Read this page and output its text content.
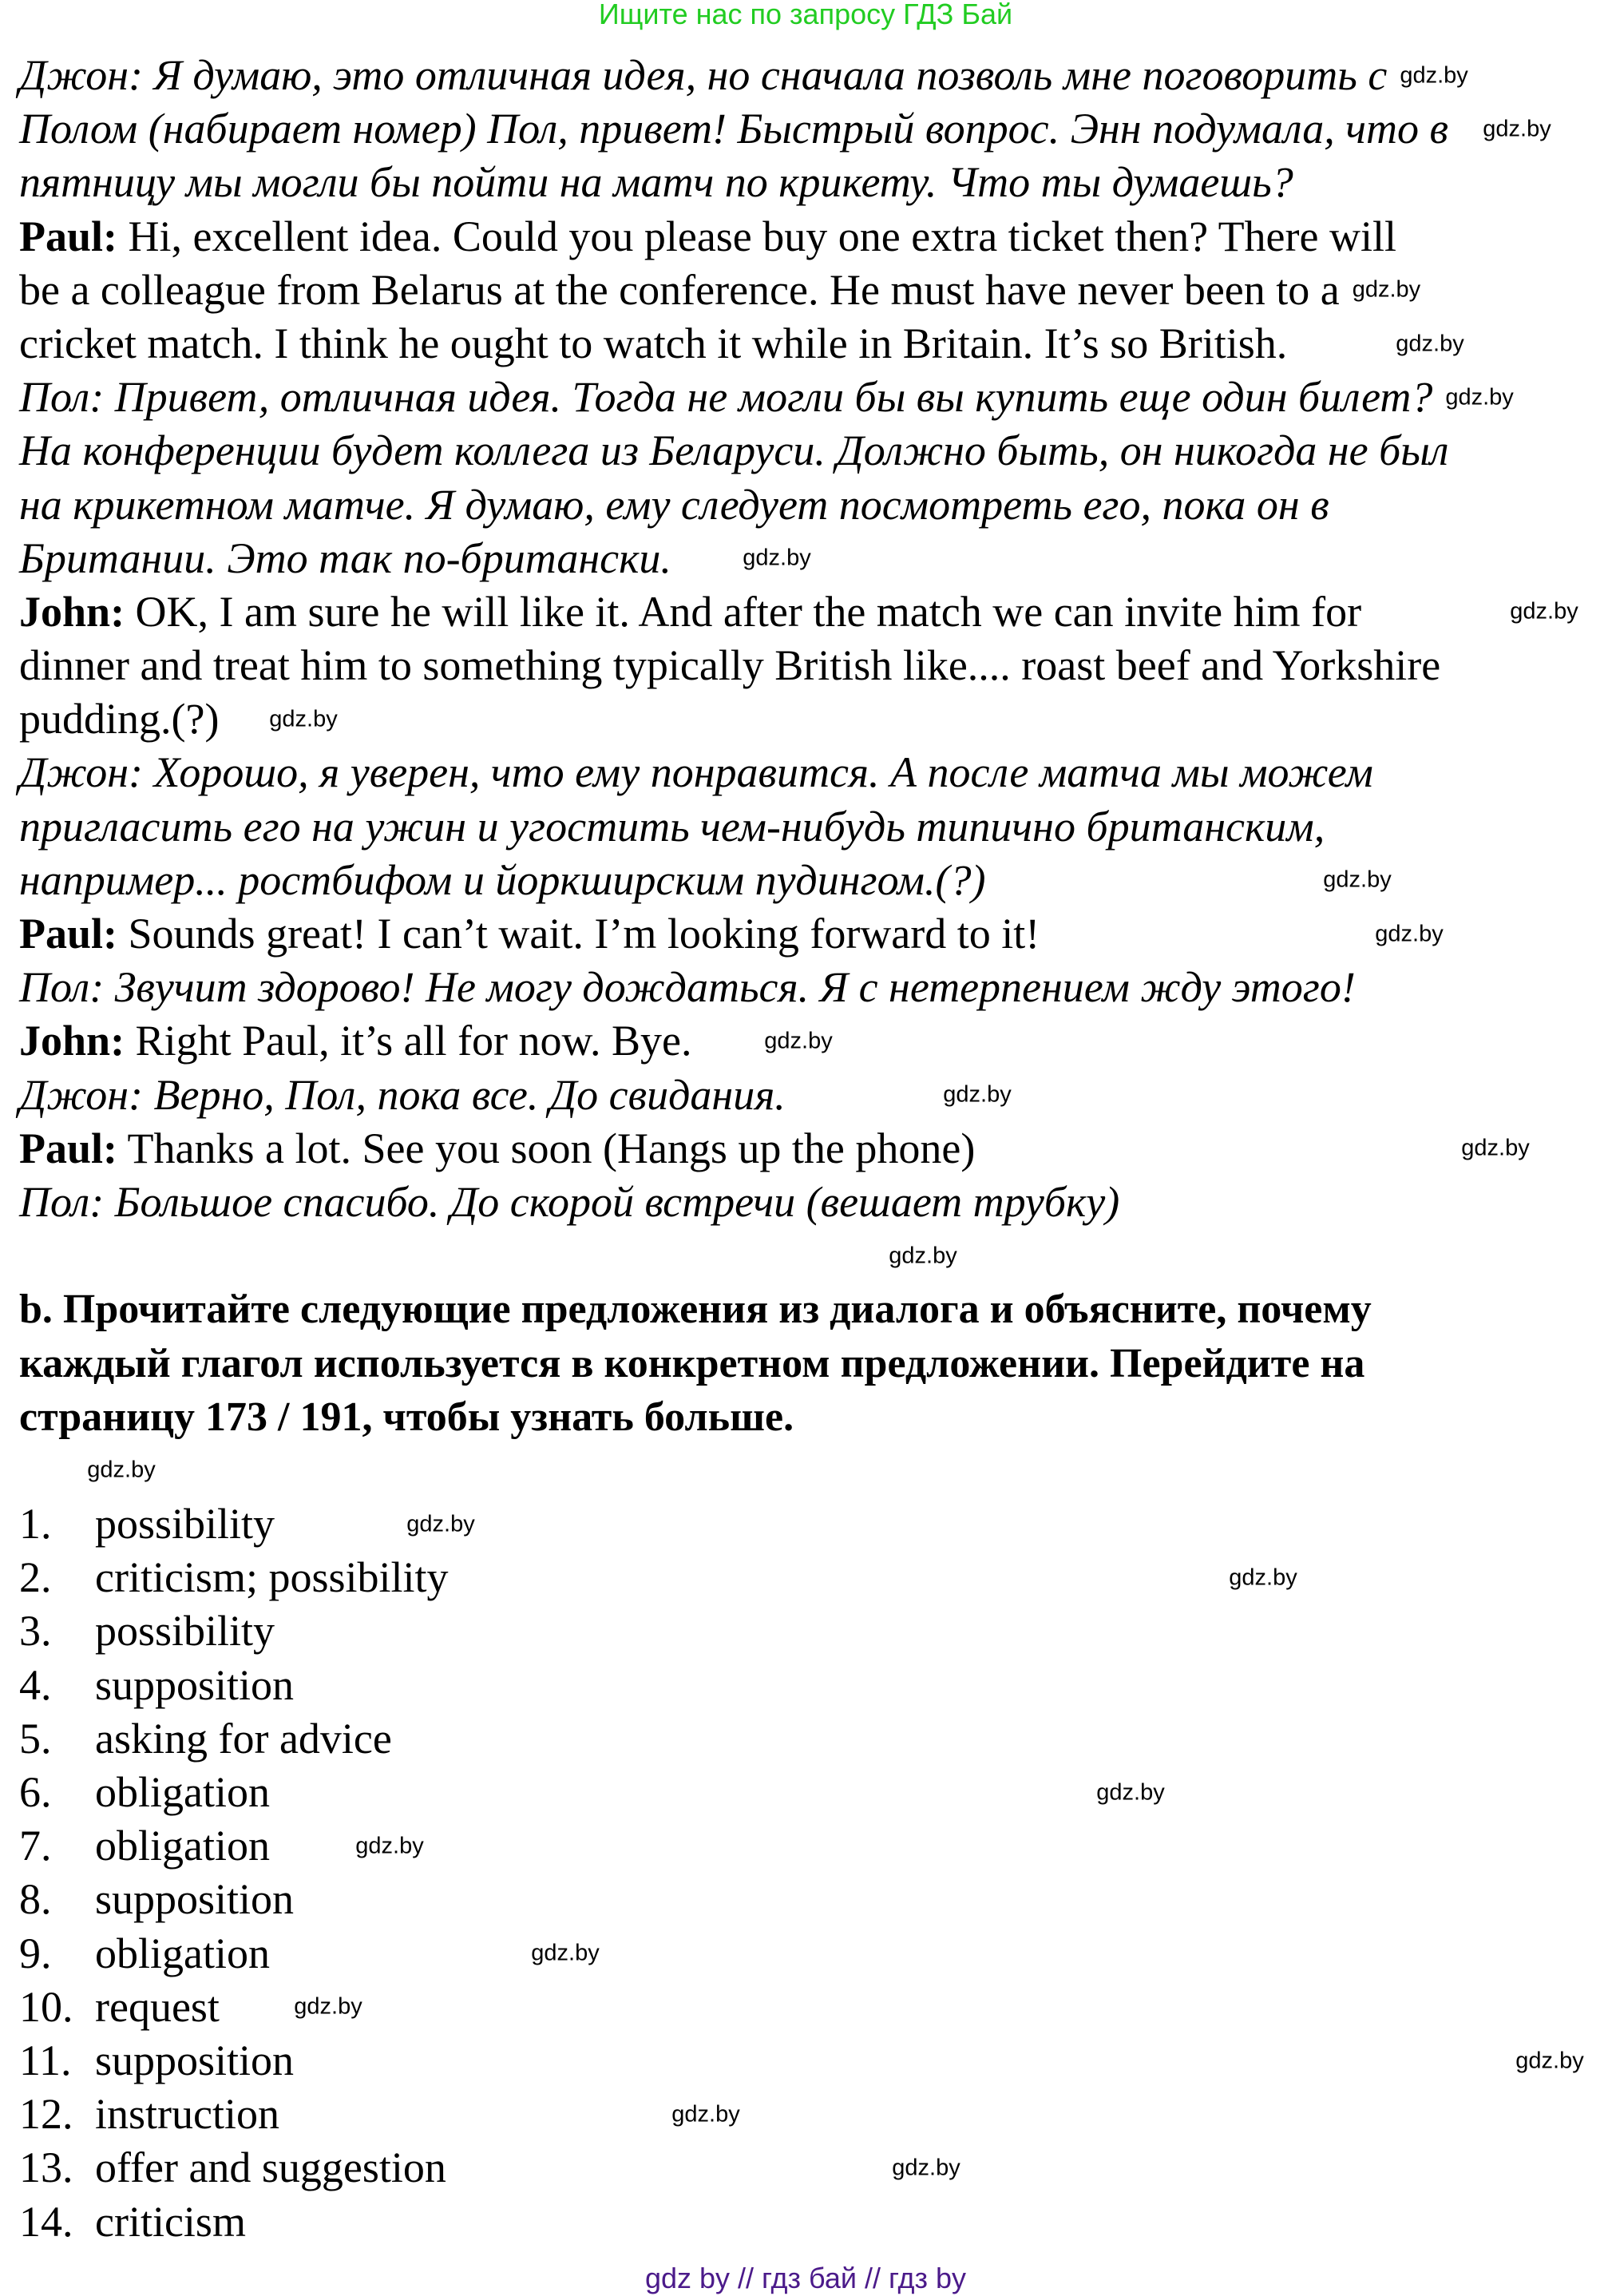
Ищите нас по запросу ГДЗ Бай
Джон: Я думаю, это отличная идея, но сначала позволь мне поговорить с gdz.by
Полом (набирает номер) Пол, привет! Быстрый вопрос. Энн подумала, что в gdz.by
пятницу мы могли бы пойти на матч по крикету. Что ты думаешь?
Paul: Hi, excellent idea. Could you please buy one extra ticket then? There will
be a colleague from Belarus at the conference. He must have never been to a gdz.by
cricket match. I think he ought to watch it while in Britain. It’s so British.	gdz.by
Пол: Привет, отличная идея. Тогда не могли бы вы купить еще один билет? gdz.by
На конференции будет коллега из Беларуси. Должно быть, он никогда не был
на крикетном матче. Я думаю, ему следует посмотреть его, пока он в
Британии. Это так по-британски.	gdz.by
John: OK, I am sure he will like it. And after the match we can invite him for	gdz.by
dinner and treat him to something typically British like.... roast beef and Yorkshire
pudding.(?) gdz.by
Джон: Хорошо, я уверен, что ему понравится. А после матча мы можем
пригласить его на ужин и угостить чем-нибудь типично британским,
например... ростбифом и йоркширским пудингом.(?)	gdz.by
Paul: Sounds great! I can’t wait. I’m looking forward to it!	gdz.by
Пол: Звучит здорово! Не могу дождаться. Я с нетерпением жду этого!
John: Right Paul, it’s all for now. Bye.	gdz.by
Джон: Верно, Пол, пока все. До свидания.	gdz.by
Paul: Thanks a lot. See you soon (Hangs up the phone)	gdz.by
Пол: Большое спасибо. До скорой встречи (вешает трубку)
gdz.by
b. Прочитайте следующие предложения из диалога и объясните, почему
каждый глагол используется в конкретном предложении. Перейдите на
страницу 173 / 191, чтобы узнать больше.
gdz.by
1. possibility	gdz.by
2. criticism; possibility	gdz.by
3. possibility
4. supposition
5. asking for advice
6. obligation	gdz.by
7. obligation	gdz.by
8. supposition
9. obligation	gdz.by
10. request	gdz.by
11. supposition	gdz.by
12. instruction	gdz.by
13. offer and suggestion	gdz.by
14. criticism
gdz by // гдз бай // гдз by
